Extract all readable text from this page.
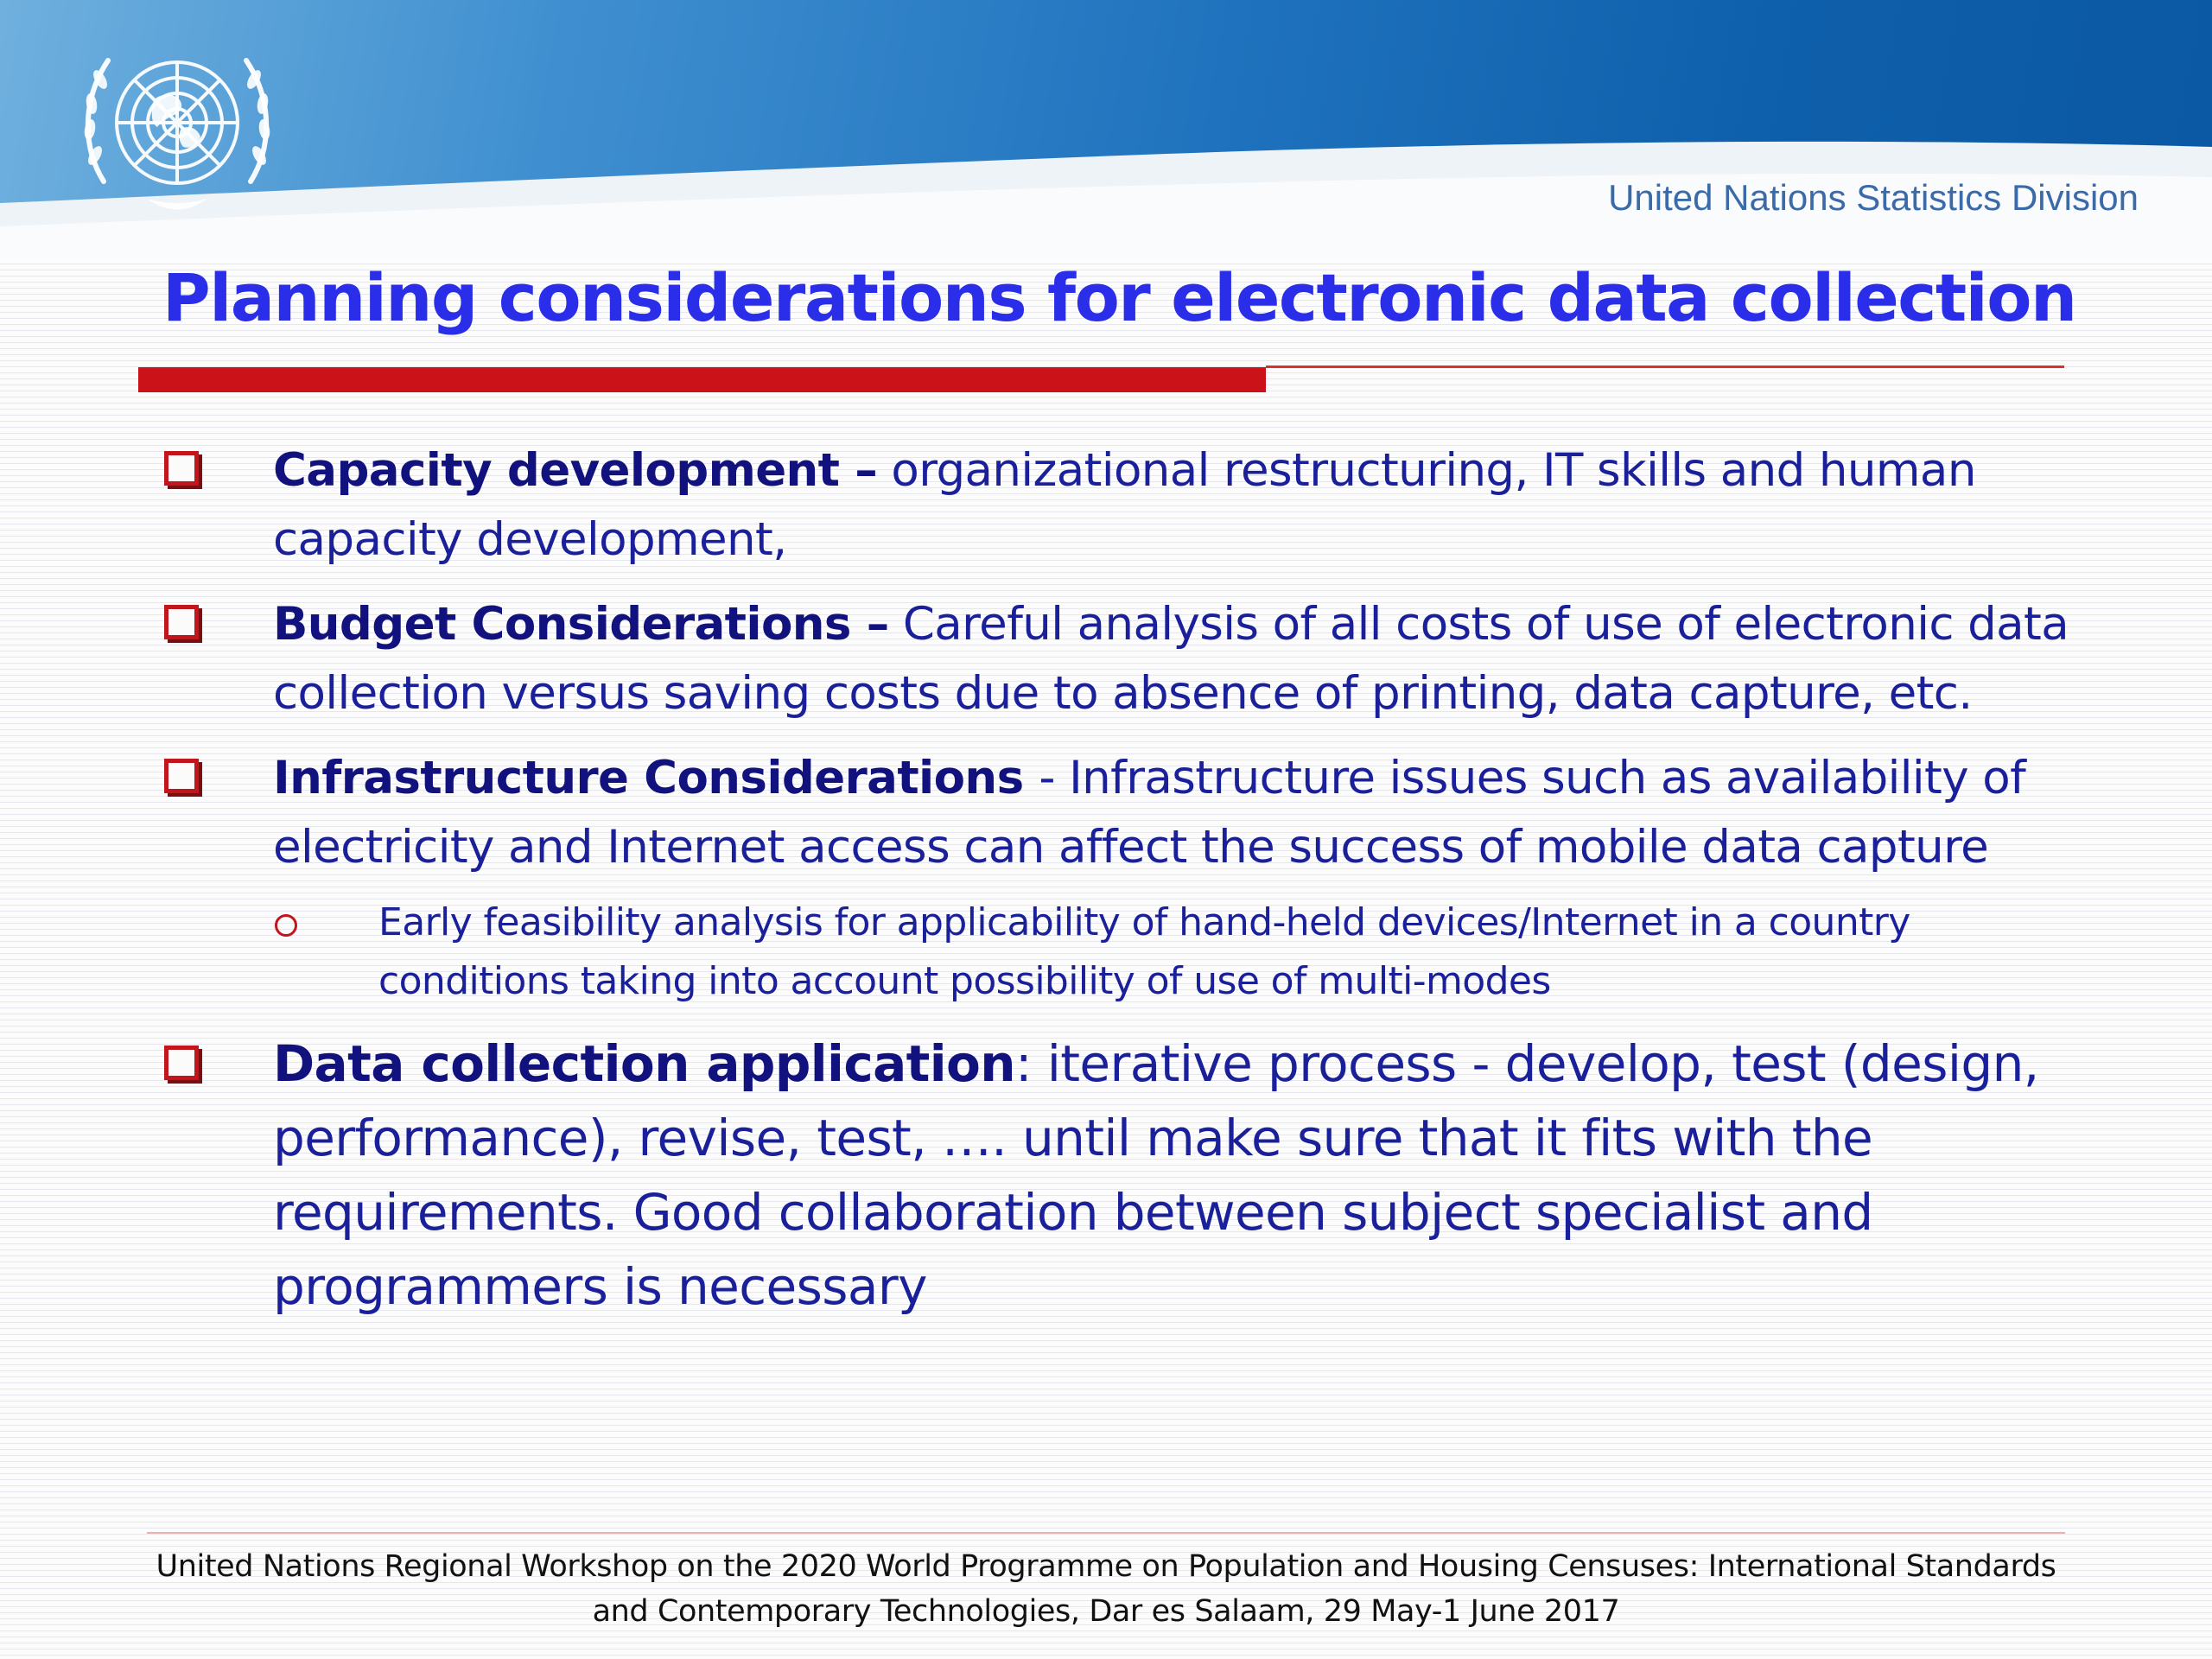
United Nations Statistics Division
Planning considerations for electronic data collection
Capacity development – organizational restructuring, IT skills and human capacity development,
Budget Considerations – Careful analysis of all costs of use of electronic data collection versus saving costs due to absence of printing, data capture, etc.
Infrastructure Considerations - Infrastructure issues such as availability of electricity and Internet access can affect the success of mobile data capture
Early feasibility analysis for applicability of hand-held devices/Internet in a country conditions taking into account possibility of use of multi-modes
Data collection application: iterative process - develop, test (design, performance), revise, test, …. until make sure that it fits with the requirements. Good collaboration between subject specialist and programmers is necessary
United Nations Regional Workshop on the 2020 World Programme on Population and Housing Censuses: International Standards
and Contemporary Technologies, Dar es Salaam, 29 May-1 June 2017
